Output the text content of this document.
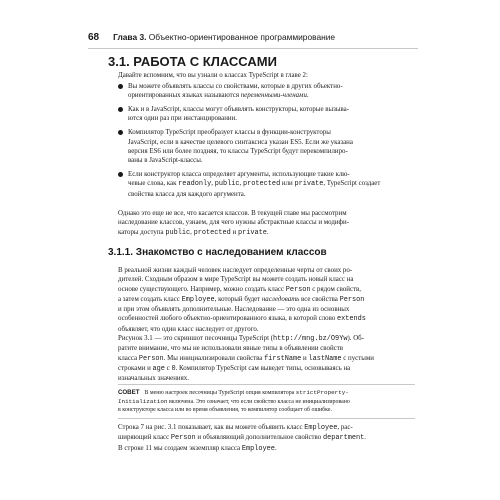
68 Глава 3. Объектно-ориентированное программирование
3.1. РАБОТА С КЛАССАМИ
Давайте вспомним, что вы узнали о классах TypeScript в главе 2:
Вы можете объявлять классы со свойствами, которые в других объектно-
ориентированных языках называются переменными-членами.
Как и в JavaScript, классы могут объявлять конструкторы, которые вызыва-
ются один раз при инстанцировании.
Компилятор TypeScript преобразует классы в функции-конструкторы
JavaScript, если в качестве целевого синтаксиса указан ES5. Если же указана
версия ES6 или более поздняя, то классы TypeScript будут перекомпилиро-
ваны в JavaScript-классы.
Если конструктор класса определяет аргументы, использующие такие клю-
чевые слова, как readonly, public, protected или private, TypeScript создает
свойства класса для каждого аргумента.
Однако это еще не все, что касается классов. В текущей главе мы рассмотрим
наследование классов, узнаем, для чего нужны абстрактные классы и модифи-
каторы доступа public, protected и private.
3.1.1. Знакомство с наследованием классов
В реальной жизни каждый человек наследует определенные черты от своих ро-
дителей. Сходным образом в мире TypeScript вы можете создать новый класс на
основе существующего. Например, можно создать класс Person с рядом свойств,
а затем создать класс Employee, который будет наследовать все свойства Person
и при этом объявлять дополнительные. Наследование — это одна из основных
особенностей любого объектно-ориентированного языка, в которой слово extends
объявляет, что один класс наследует от другого.
Рисунок 3.1 — это скриншот песочницы TypeScript (http://mng.bz/O9Yw). Об-
ратите внимание, что мы не использовали явные типы в объявлении свойств
класса Person. Мы инициализировали свойства firstName и lastName с пустыми
строками и age с 0. Компилятор TypeScript сам выведет типы, основываясь на
изначальных значениях.
СОВЕТ В меню настроек песочницы TypeScript опция компилятора strictProperty-
Initialization включена. Это означает, что если свойство класса не инициализировано
в конструкторе класса или во время объявления, то компилятор сообщает об ошибке.
Строка 7 на рис. 3.1 показывает, как вы можете объявить класс Employee, рас-
ширяющий класс Person и объявляющий дополнительное свойство department.
В строке 11 мы создаем экземпляр класса Employee.
